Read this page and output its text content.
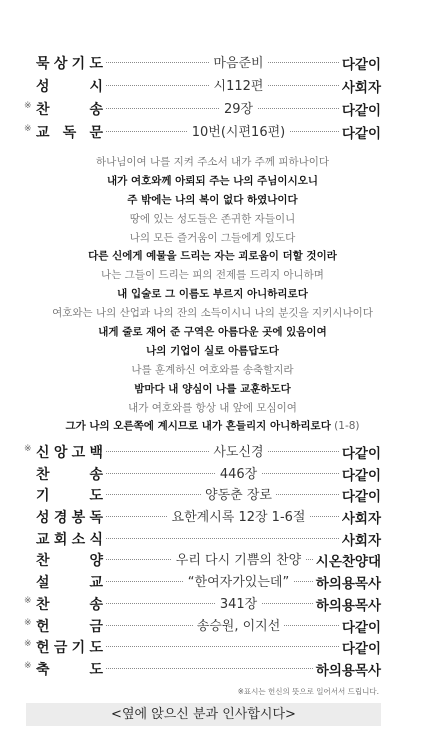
묵 상 기 도	마음준비	다같이
성	시	시112편	사회자
※ 찬	송	29장	다같이
※ 교 독 문	10번(시편16편)	다같이
하나님이여 나를 지켜 주소서 내가 주께 피하나이다
내가 여호와께 아뢰되 주는 나의 주님이시오니
주 밖에는 나의 복이 없다 하였나이다
땅에 있는 성도들은 존귀한 자들이니
나의 모든 즐거움이 그들에게 있도다
다른 신에게 예물을 드리는 자는 괴로움이 더할 것이라
나는 그들이 드리는 피의 전제를 드리지 아니하며
내 입술로 그 이름도 부르지 아니하리로다
여호와는 나의 산업과 나의 잔의 소득이시니 나의 분깃을 지키시나이다
내게 줄로 재어 준 구역은 아름다운 곳에 있음이여
나의 기업이 실로 아름답도다
나를 훈계하신 여호와를 송축할지라
밤마다 내 양심이 나를 교훈하도다
내가 여호와를 항상 내 앞에 모심이여
그가 나의 오른쪽에 계시므로 내가 흔들리지 아니하리로다 (1-8)
※ 신 앙 고 백	사도신경	다같이
찬	송	446장	다같이
기	도	양동춘 장로	다같이
성 경 봉 독	요한계시록 12장 1-6절	사회자
교 회 소 식	사회자
찬	양	우리 다시 기쁨의 찬양	시온찬양대
설	교	“한여자가있는데”	하의용목사
※ 찬	송	341장	하의용목사
※ 헌	금	송승원, 이지선	다같이
※ 헌 금 기 도	다같이
※ 축	도	하의용목사
※표시는 헌신의 뜻으로 일어서서 드립니다.
<옆에 앉으신 분과 인사합시다>
